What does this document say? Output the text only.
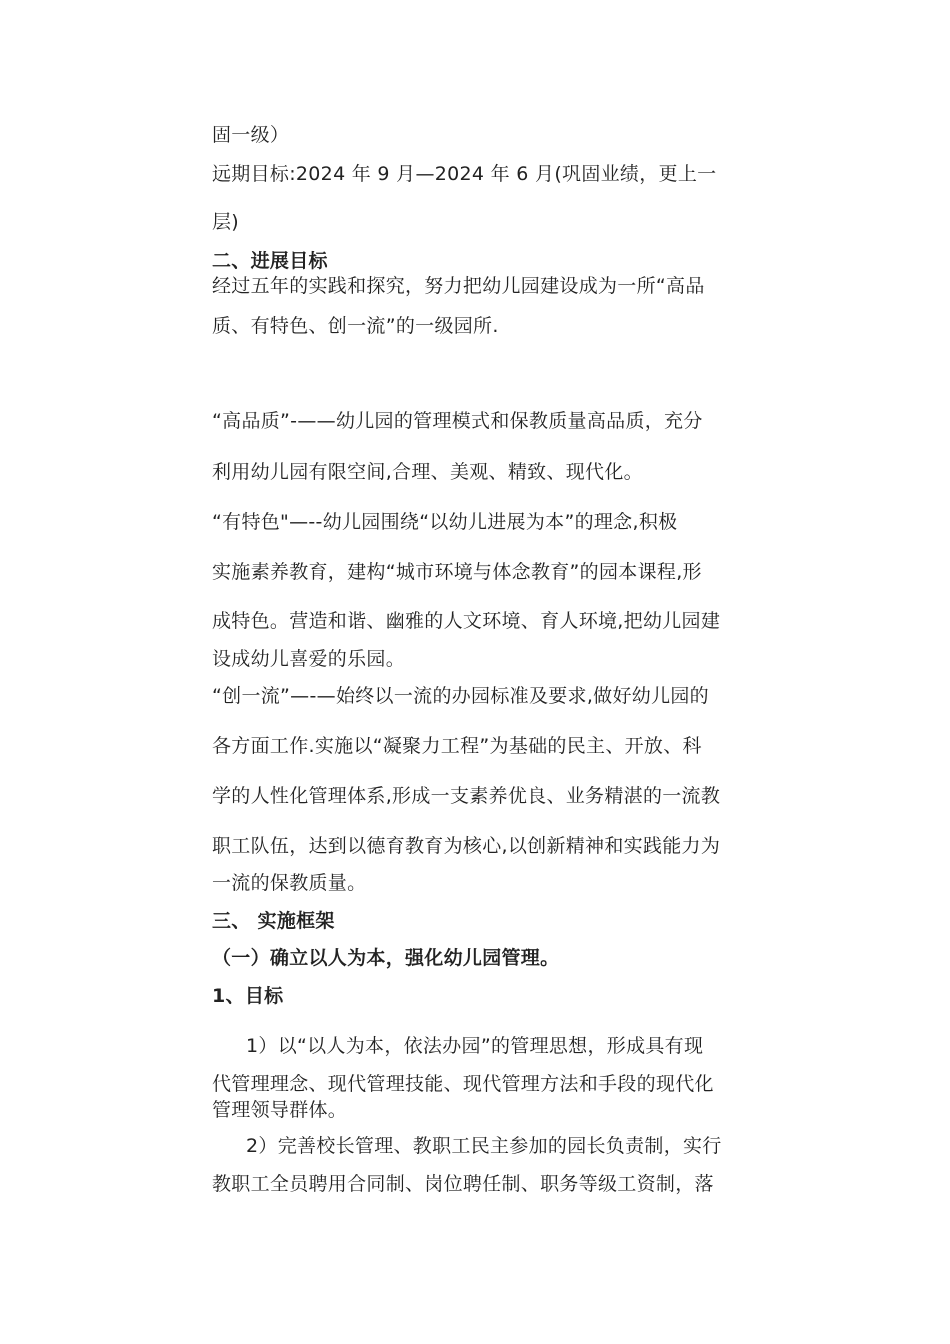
固一级）
远期目标:2024 年 9 月—2024 年 6 月(巩固业绩，更上一
层)
二、进展目标
经过五年的实践和探究，努力把幼儿园建设成为一所“高品
质、有特色、创一流”的一级园所.
“高品质”-——幼儿园的管理模式和保教质量高品质，充分
利用幼儿园有限空间,合理、美观、精致、现代化。
“有特色"—--幼儿园围绕“以幼儿进展为本”的理念,积极
实施素养教育，建构“城市环境与体念教育”的园本课程,形
成特色。营造和谐、幽雅的人文环境、育人环境,把幼儿园建
设成幼儿喜爱的乐园。
“创一流”—-—始终以一流的办园标准及要求,做好幼儿园的
各方面工作.实施以“凝聚力工程”为基础的民主、开放、科
学的人性化管理体系,形成一支素养优良、业务精湛的一流教
职工队伍，达到以德育教育为核心,以创新精神和实践能力为
一流的保教质量。
三、 实施框架
（一）确立以人为本，强化幼儿园管理。
1、目标
1）以“以人为本，依法办园”的管理思想，形成具有现
代管理理念、现代管理技能、现代管理方法和手段的现代化
管理领导群体。
2）完善校长管理、教职工民主参加的园长负责制，实行
教职工全员聘用合同制、岗位聘任制、职务等级工资制，落
